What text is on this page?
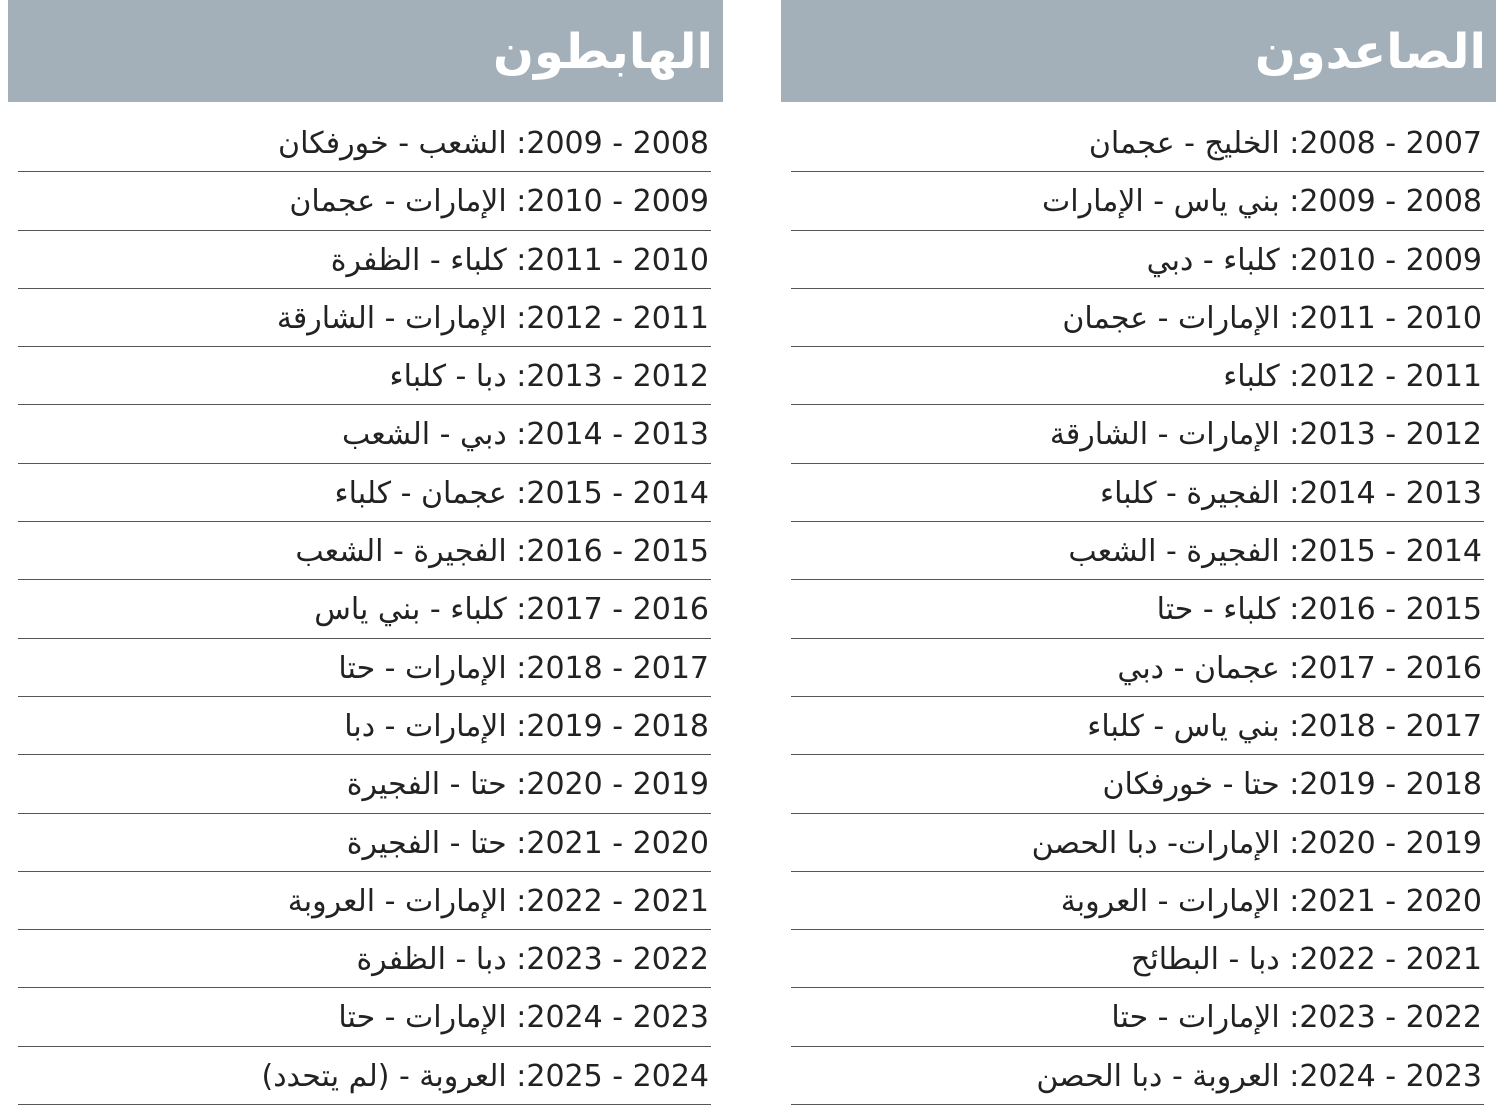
الهابطون
2008 - 2009: الشعب - خورفكان
2009 - 2010: الإمارات - عجمان
2010 - 2011: كلباء - الظفرة
2011 - 2012: الإمارات - الشارقة
2012 - 2013: دبا - كلباء
2013 - 2014: دبي - الشعب
2014 - 2015: عجمان - كلباء
2015 - 2016: الفجيرة - الشعب
2016 - 2017: كلباء - بني ياس
2017 - 2018: الإمارات - حتا
2018 - 2019: الإمارات - دبا
2019 - 2020: حتا - الفجيرة
2020 - 2021: حتا - الفجيرة
2021 - 2022: الإمارات - العروبة
2022 - 2023: دبا - الظفرة
2023 - 2024: الإمارات - حتا
2024 - 2025: العروبة - (لم يتحدد)
الصاعدون
2007 - 2008: الخليج - عجمان
2008 - 2009: بني ياس - الإمارات
2009 - 2010: كلباء - دبي
2010 - 2011: الإمارات - عجمان
2011 - 2012: كلباء
2012 - 2013: الإمارات - الشارقة
2013 - 2014: الفجيرة - كلباء
2014 - 2015: الفجيرة - الشعب
2015 - 2016: كلباء - حتا
2016 - 2017: عجمان - دبي
2017 - 2018: بني ياس - كلباء
2018 - 2019: حتا - خورفكان
2019 - 2020: الإمارات- دبا الحصن
2020 - 2021: الإمارات - العروبة
2021 - 2022: دبا - البطائح
2022 - 2023: الإمارات - حتا
2023 - 2024: العروبة - دبا الحصن
